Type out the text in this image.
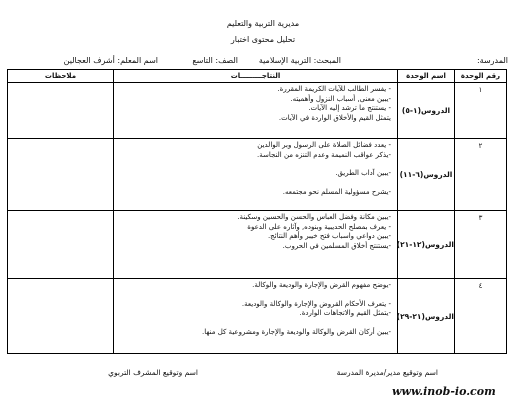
مديرية التربية والتعليم
تحليل محتوى اختبار
المدرسة:
المبحث: التربية الإسلامية
الصف: التاسع
اسم المعلم: أشرف العجالين
رقم الوحدة	اسم الوحدة	النتاجـــــــــات	ملاحظات
١	الدروس(١-٥)	- يفسر الطالب للآيات الكريمة المقررة.
-يبين معنى, أسباب النزول وأهميته.
- يستنتج ما ترشد إليه الآيات.
يتمثل القيم والأخلاق الواردة في الآيات.	

٢	الدروس(٦-١١)	- يعدد فضائل الصلاة على الرسول وبر الوالدين
-يذكر عواقب النميمة وعدم التنزه من النجاسة.
-يبين آداب الطريق.
-يشرح مسؤولية المسلم نحو مجتمعه.	

٣	الدروس(١٢-٢١)	-يبين مكانة وفضل العباس والحسن والحسين وسكينة.
- يعرف بمصلح الحديبية وبنوده, وآثاره على الدعوة
-يبين دواعي واسباب فتح خيبر وأهم النتائج.
-يستنتج أخلاق المسلمين في الحروب.	

٤	الدروس(٢١-٢٩)	-يوضح مفهوم القرض والإجارة والوديعة والوكالة.
- يتعرف الأحكام القروض والإجارة والوكالة والوديعة.
-يتمثل القيم والاتجاهات الواردة.
-يبين أركان القرض والوكالة والوديعة والإجارة ومشروعية كل منها.	

اسم وتوقيع مدير/مديرة المدرسة
اسم وتوقيع المشرف التربوي
www.inob-io.com
